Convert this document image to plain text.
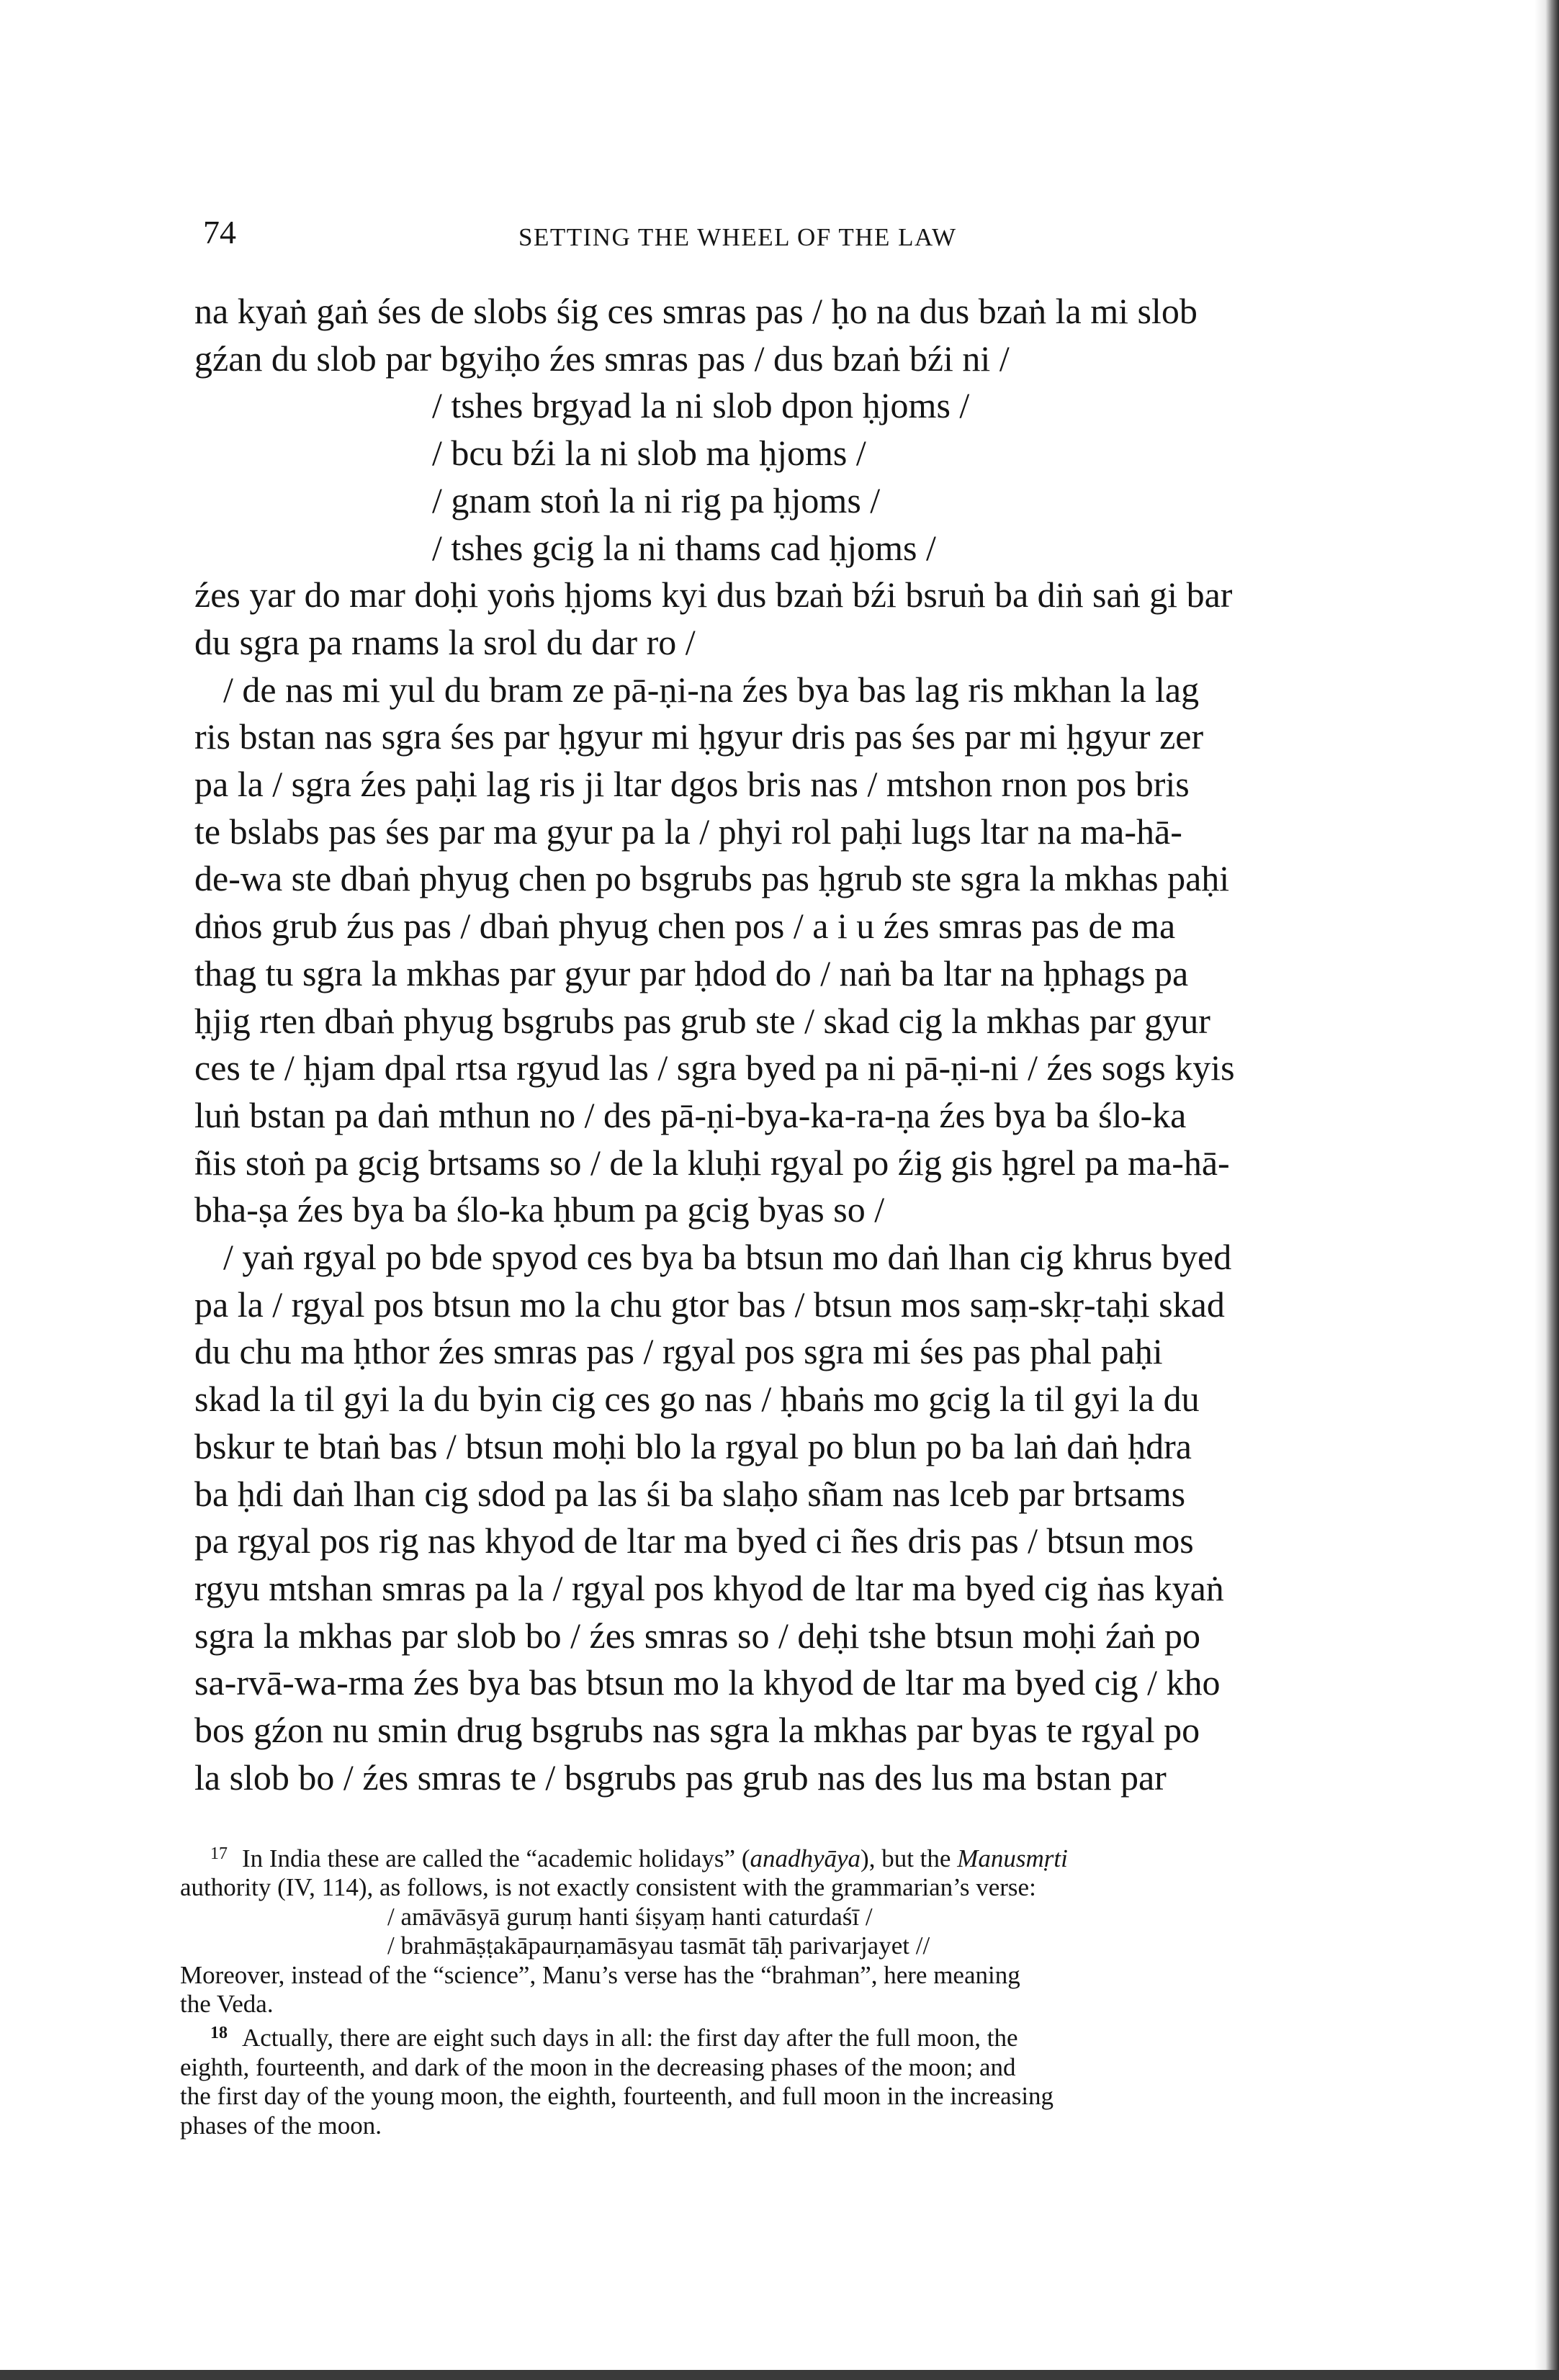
74	SETTING THE WHEEL OF THE LAW

na kyaṅ gaṅ śes de slobs śig ces smras pas / ḥo na dus bzaṅ la mi slob
gźan du slob par bgyiḥo źes smras pas / dus bzaṅ bźi ni /
/ tshes brgyad la ni slob dpon ḥjoms /
/ bcu bźi la ni slob ma ḥjoms /
/ gnam stoṅ la ni rig pa ḥjoms /
/ tshes gcig la ni thams cad ḥjoms /
źes yar do mar doḥi yoṅs ḥjoms kyi dus bzaṅ bźi bsruṅ ba diṅ saṅ gi bar
du sgra pa rnams la srol du dar ro /
/ de nas mi yul du bram ze pā-ṇi-na źes bya bas lag ris mkhan la lag
ris bstan nas sgra śes par ḥgyur mi ḥgyur dris pas śes par mi ḥgyur zer
pa la / sgra źes paḥi lag ris ji ltar dgos bris nas / mtshon rnon pos bris
te bslabs pas śes par ma gyur pa la / phyi rol paḥi lugs ltar na ma-hā-
de-wa ste dbaṅ phyug chen po bsgrubs pas ḥgrub ste sgra la mkhas paḥi
dṅos grub źus pas / dbaṅ phyug chen pos / a i u źes smras pas de ma
thag tu sgra la mkhas par gyur par ḥdod do / naṅ ba ltar na ḥphags pa
ḥjig rten dbaṅ phyug bsgrubs pas grub ste / skad cig la mkhas par gyur
ces te / ḥjam dpal rtsa rgyud las / sgra byed pa ni pā-ṇi-ni / źes sogs kyis
luṅ bstan pa daṅ mthun no / des pā-ṇi-bya-ka-ra-ṇa źes bya ba ślo-ka
ñis stoṅ pa gcig brtsams so / de la kluḥi rgyal po źig gis ḥgrel pa ma-hā-
bha-ṣa źes bya ba ślo-ka ḥbum pa gcig byas so /
/ yaṅ rgyal po bde spyod ces bya ba btsun mo daṅ lhan cig khrus byed
pa la / rgyal pos btsun mo la chu gtor bas / btsun mos saṃ-skṛ-taḥi skad
du chu ma ḥthor źes smras pas / rgyal pos sgra mi śes pas phal paḥi
skad la til gyi la du byin cig ces go nas / ḥbaṅs mo gcig la til gyi la du
bskur te btaṅ bas / btsun moḥi blo la rgyal po blun po ba laṅ daṅ ḥdra
ba ḥdi daṅ lhan cig sdod pa las śi ba slaḥo sñam nas lceb par brtsams
pa rgyal pos rig nas khyod de ltar ma byed ci ñes dris pas / btsun mos
rgyu mtshan smras pa la / rgyal pos khyod de ltar ma byed cig ṅas kyaṅ
sgra la mkhas par slob bo / źes smras so / deḥi tshe btsun moḥi źaṅ po
sa-rvā-wa-rma źes bya bas btsun mo la khyod de ltar ma byed cig / kho
bos gźon nu smin drug bsgrubs nas sgra la mkhas par byas te rgyal po
la slob bo / źes smras te / bsgrubs pas grub nas des lus ma bstan par
$^{17}$ In India these are called the “academic holidays” (anadhyāya), but the Manusmṛti
authority (IV, 114), as follows, is not exactly consistent with the grammarian’s verse:
/ amāvāsyā guruṃ hanti śiṣyaṃ hanti caturdaśī /
/ brahmāṣṭakāpaurṇamāsyau tasmāt tāḥ parivarjayet //
Moreover, instead of the “science”, Manu’s verse has the “brahman”, here meaning
the Veda.
$^{18}$ Actually, there are eight such days in all: the first day after the full moon, the
eighth, fourteenth, and dark of the moon in the decreasing phases of the moon; and
the first day of the young moon, the eighth, fourteenth, and full moon in the increasing
phases of the moon.
